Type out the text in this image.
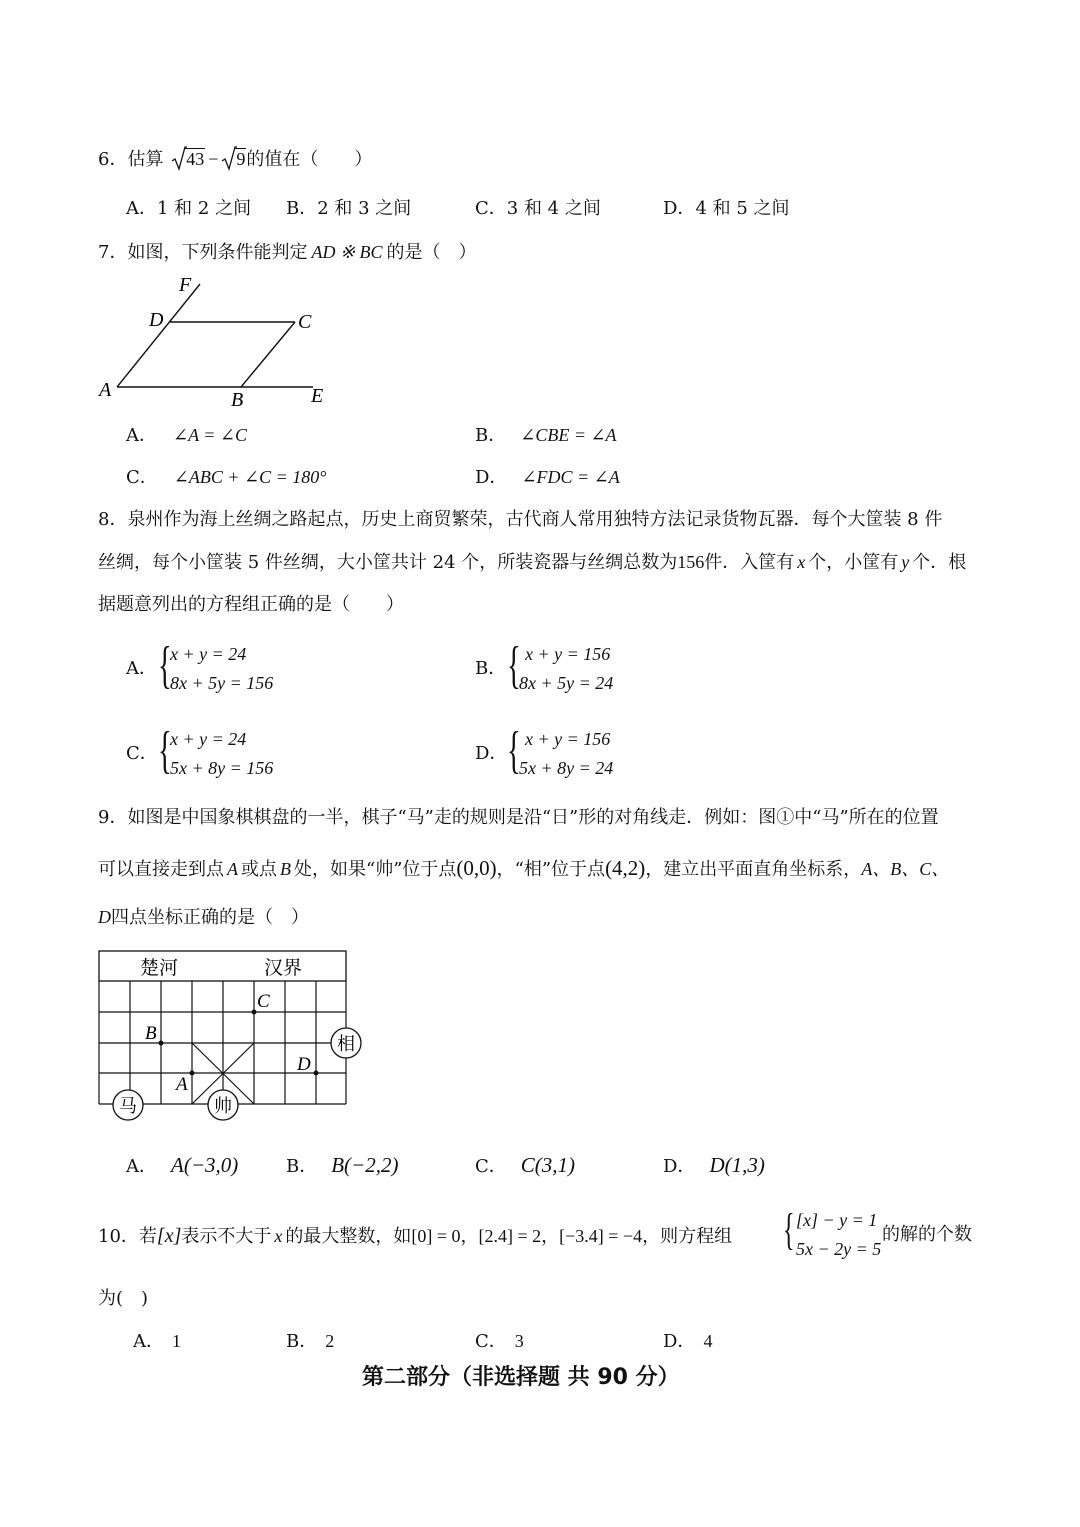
6．估算 43 − 9的值在（　　）
A．1 和 2 之间 B．2 和 3 之间	C．3 和 4 之间	D．4 和 5 之间
7．如图，下列条件能判定 AD ※ BC 的是（　）
F
D	C
A	B	E
A． ∠A = ∠C	B． ∠CBE = ∠A
C． ∠ABC + ∠C = 180°	D． ∠FDC = ∠A
8．泉州作为海上丝绸之路起点，历史上商贸繁荣，古代商人常用独特方法记录货物瓦器．每个大筐装 8 件
丝绸，每个小筐装 5 件丝绸，大小筐共计 24 个，所装瓷器与丝绸总数为156件．入筐有 x 个，小筐有 y 个．根
据题意列出的方程组正确的是（　　）
A． {
x + y = 24
8x + 5y = 156
B． { x + y = 156
8x + 5y = 24
C． {
x + y = 24
5x + 8y = 156
D． { x + y = 156
5x + 8y = 24
9．如图是中国象棋棋盘的一半，棋子“马”走的规则是沿“日”形的对角线走．例如：图①中“马”所在的位置
可以直接走到点 A 或点 B 处，如果“帅”位于点(0,0)，“相”位于点(4,2)，建立出平面直角坐标系，A、B、C、
D四点坐标正确的是（　）
楚河	汉界
C
B
A
D
马	帅
相
A． A(−3,0)	B． B(−2,2)	C． C(3,1)	D． D(1,3)
10．若[x]表示不大于 x 的最大整数，如[0] = 0，[2.4] = 2，[−3.4] = −4，则方程组 { [x] − y = 1
5x − 2y = 5
的解的个数
为(　)
A． 1	B． 2	C． 3	D． 4
第二部分（非选择题 共 90 分）
